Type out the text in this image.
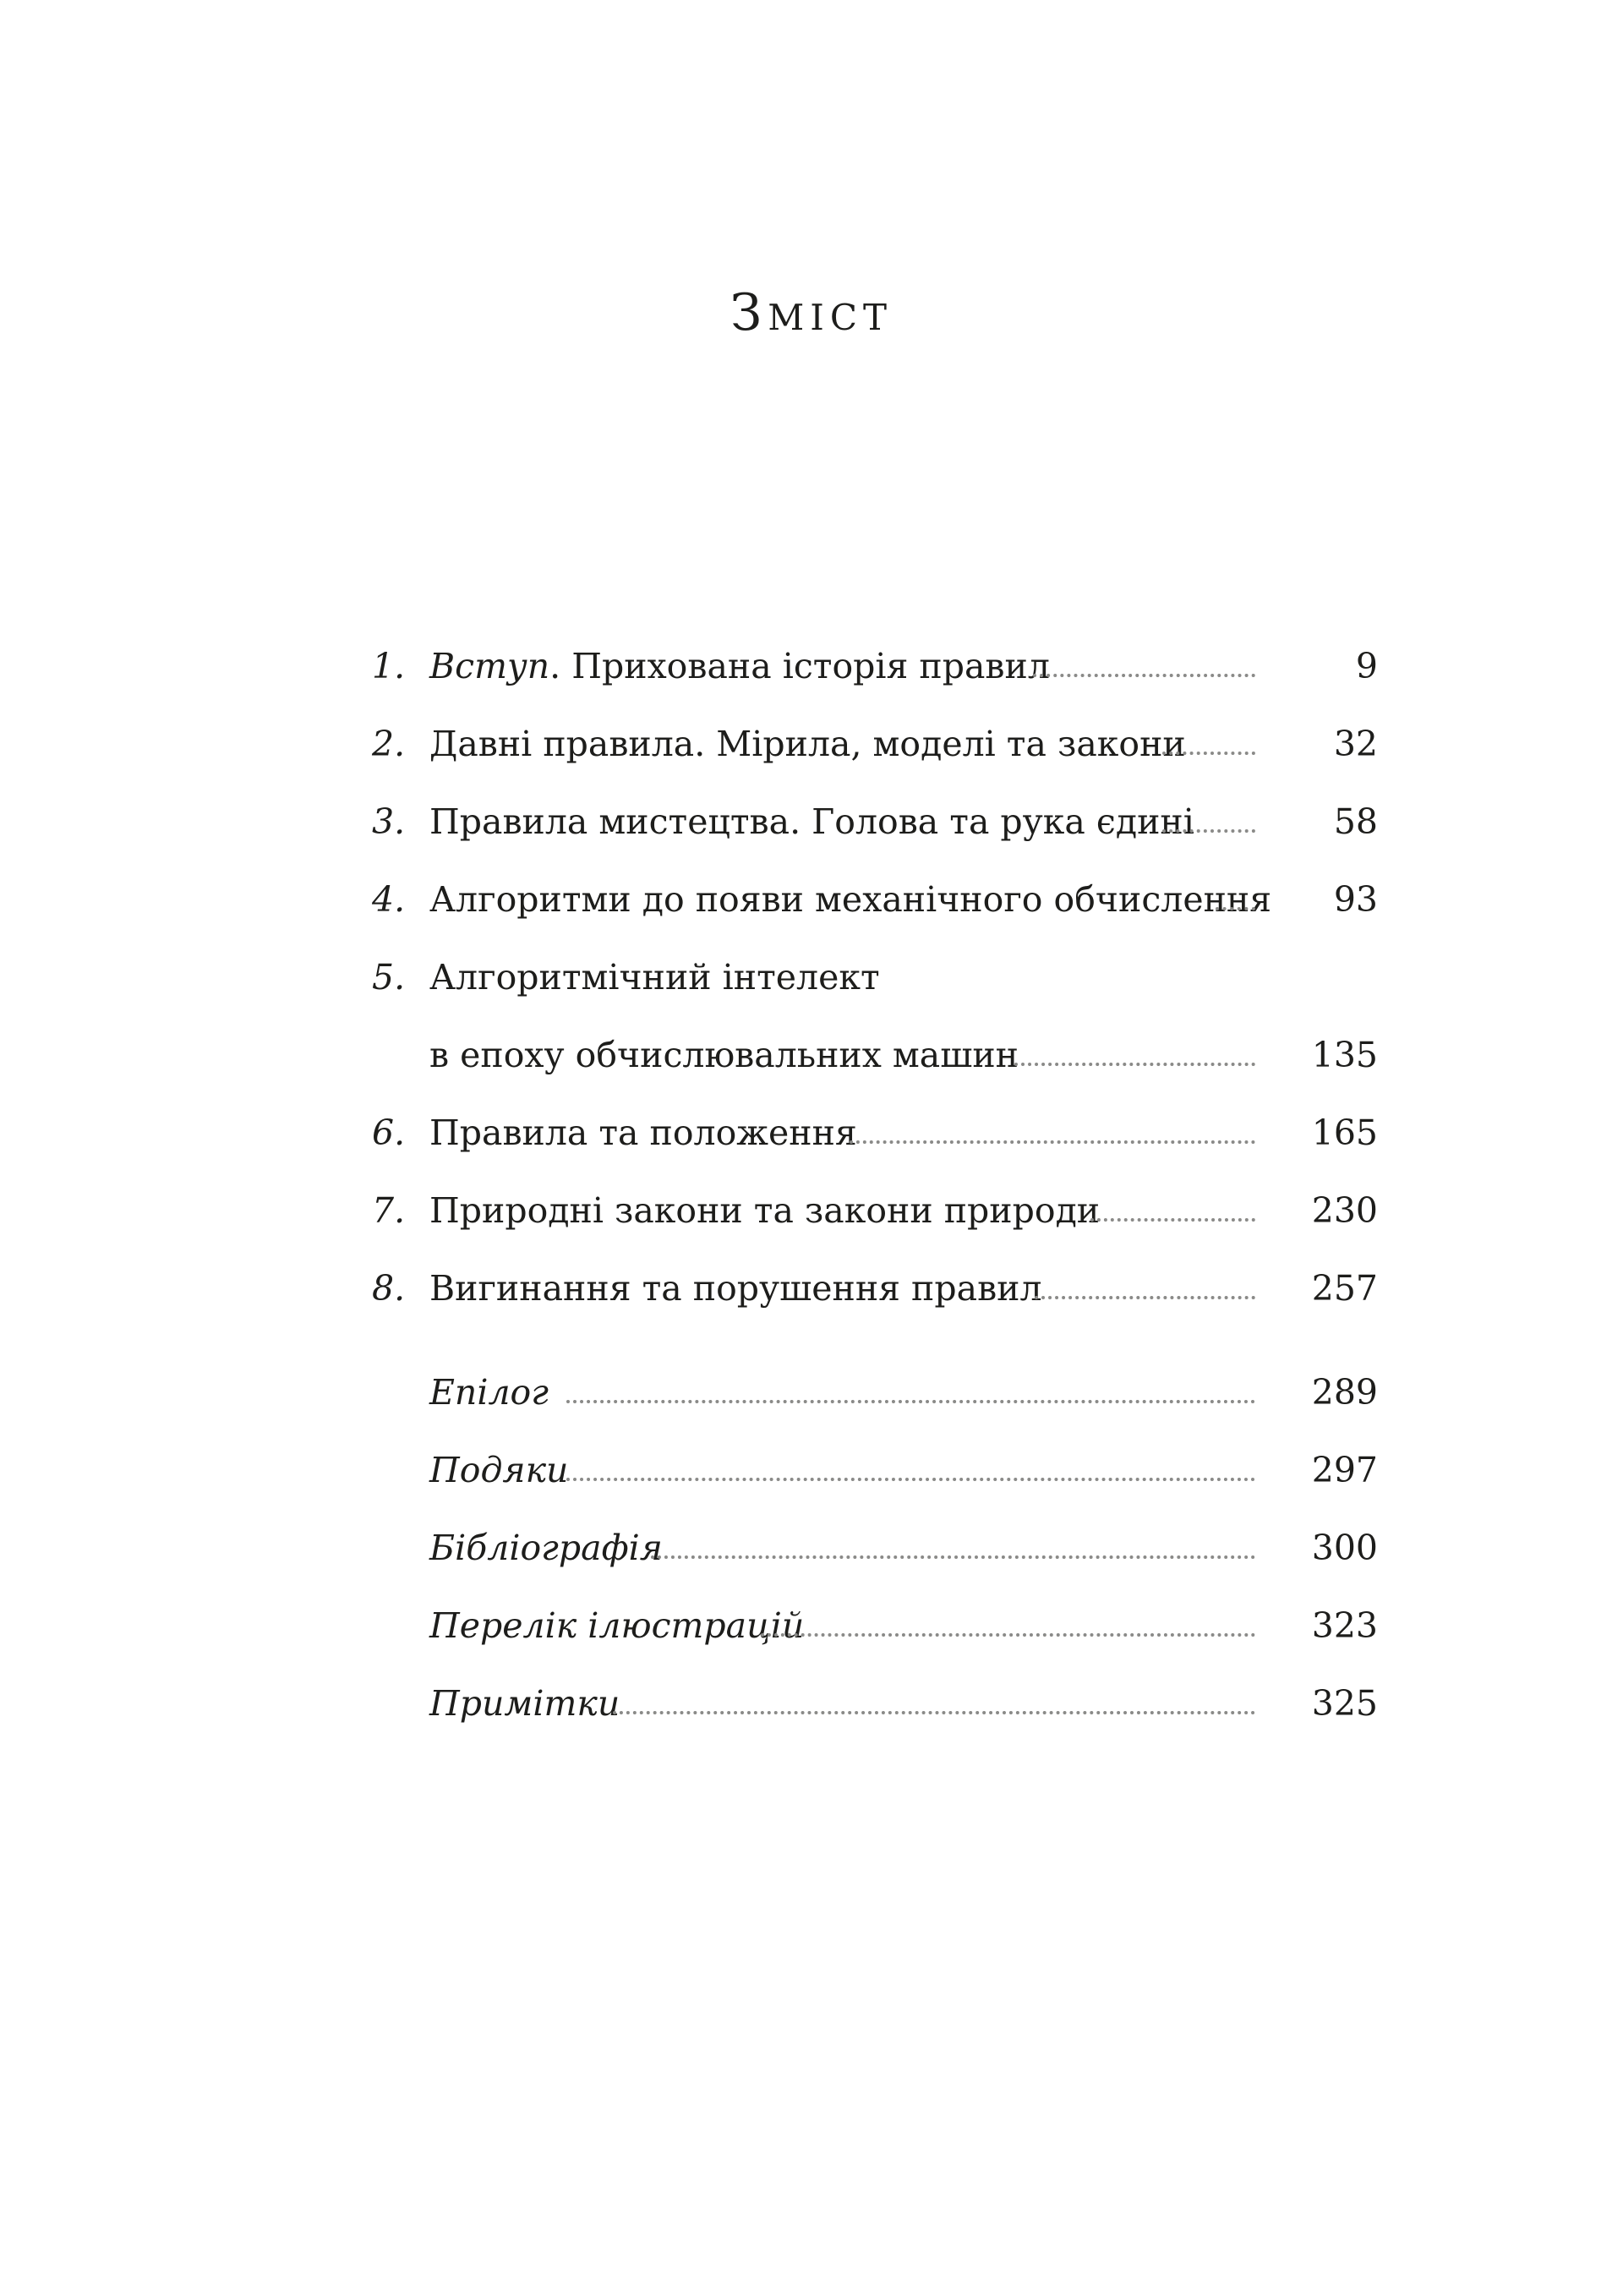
Зміст
1. Вступ. Прихована історія правил	9
2. Давні правила. Мірила, моделі та закони	32
3. Правила мистецтва. Голова та рука єдині	58
4. Алгоритми до появи механічного обчислення 93
5. Алгоритмічний інтелект
в епоху обчислювальних машин	135
6. Правила та положення	165
7. Природні закони та закони природи	230
8. Вигинання та порушення правил	257
Епілог	289
Подяки	297
Бібліографія	300
Перелік ілюстрацій	323
Примітки	325
